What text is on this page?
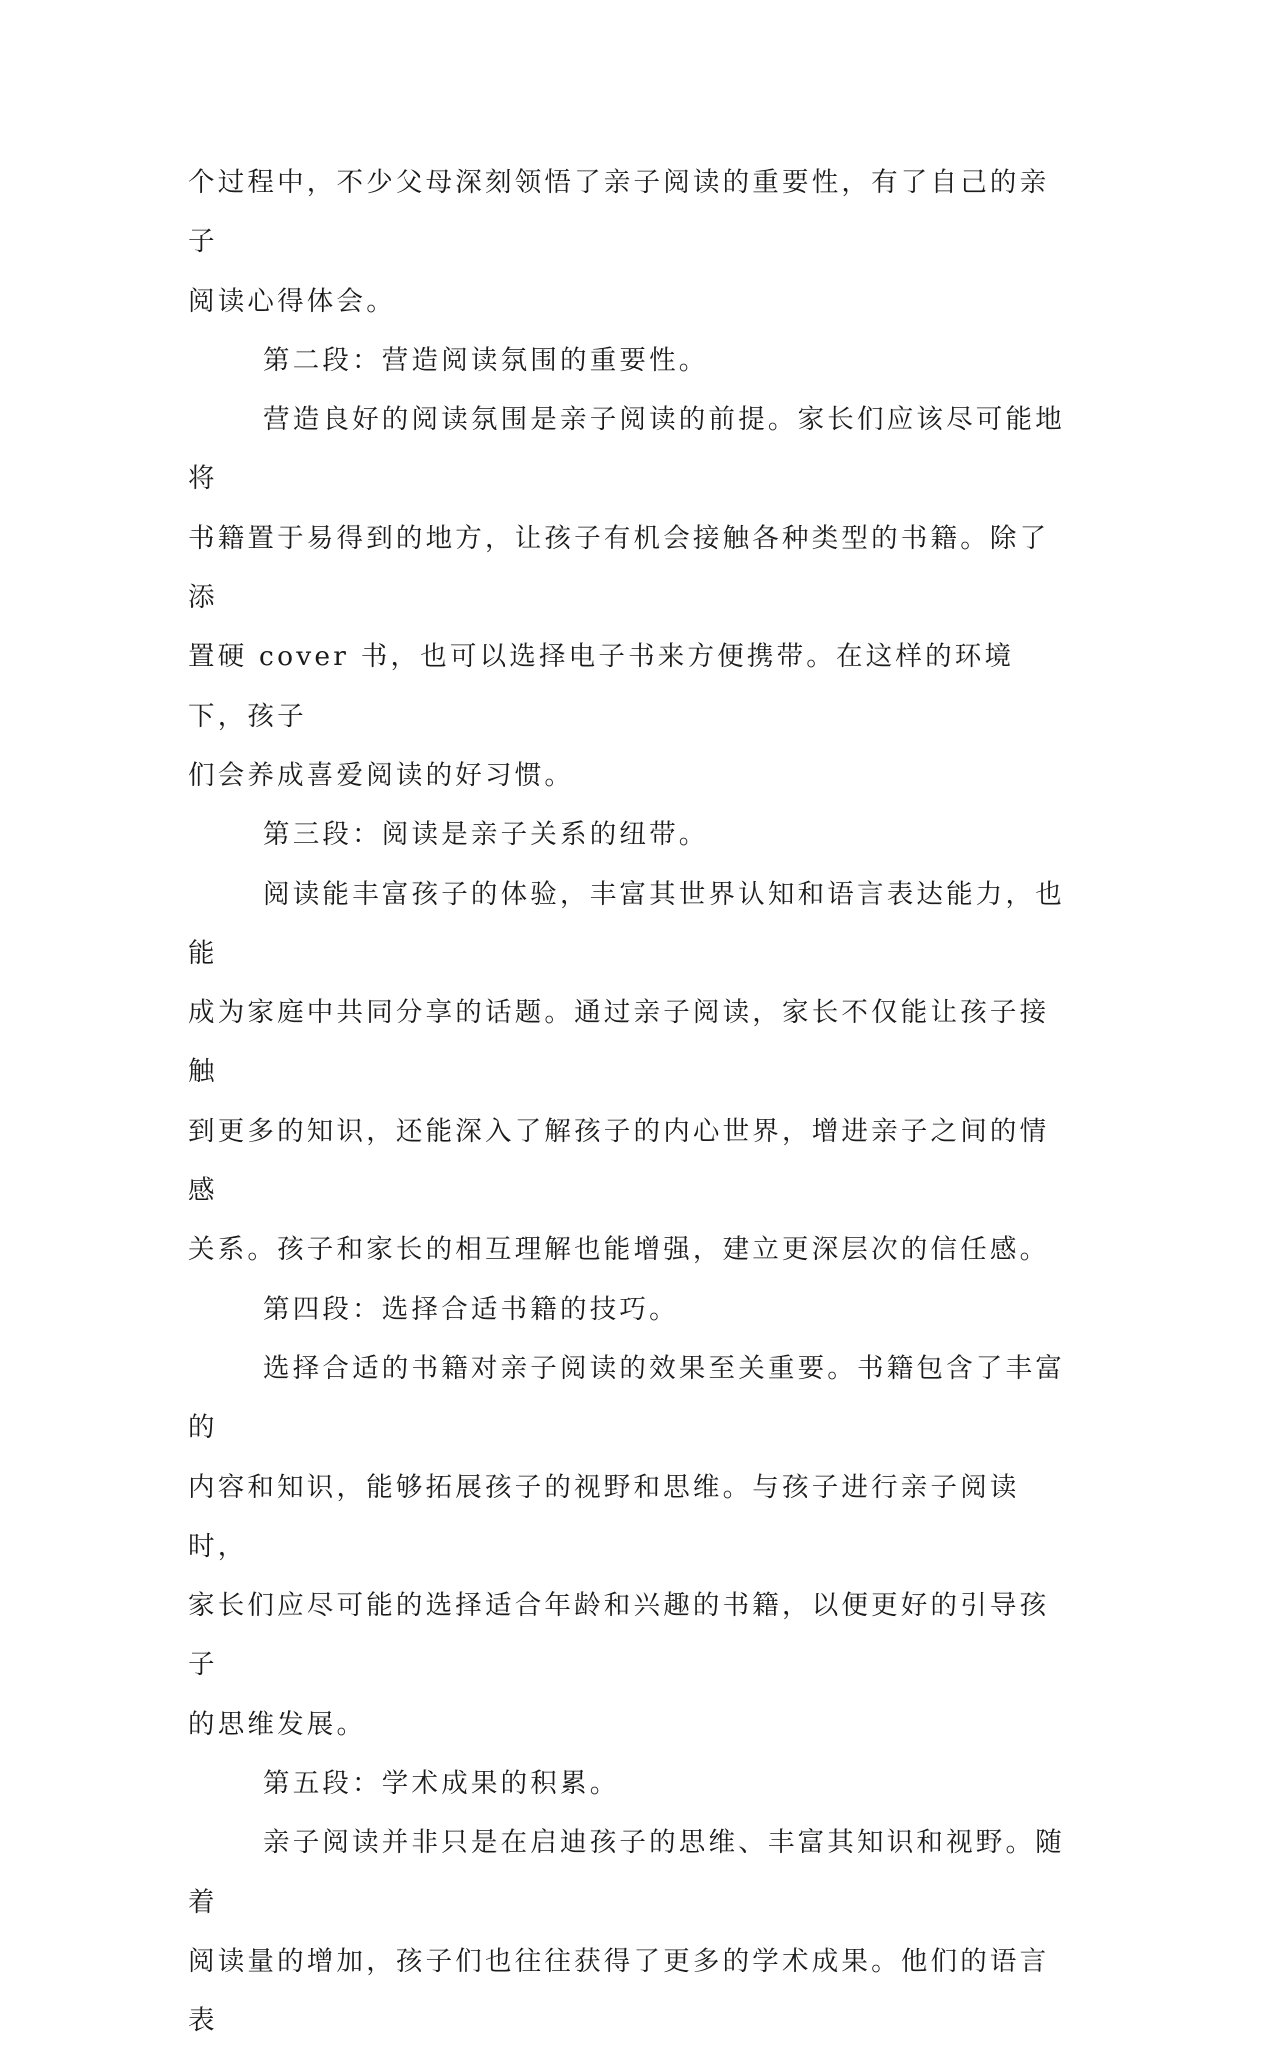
个过程中，不少父母深刻领悟了亲子阅读的重要性，有了自己的亲子
阅读心得体会。

第二段：营造阅读氛围的重要性。

营造良好的阅读氛围是亲子阅读的前提。家长们应该尽可能地将
书籍置于易得到的地方，让孩子有机会接触各种类型的书籍。除了添
置硬 cover 书，也可以选择电子书来方便携带。在这样的环境下，孩子
们会养成喜爱阅读的好习惯。

第三段：阅读是亲子关系的纽带。

阅读能丰富孩子的体验，丰富其世界认知和语言表达能力，也能
成为家庭中共同分享的话题。通过亲子阅读，家长不仅能让孩子接触
到更多的知识，还能深入了解孩子的内心世界，增进亲子之间的情感
关系。孩子和家长的相互理解也能增强，建立更深层次的信任感。

第四段：选择合适书籍的技巧。

选择合适的书籍对亲子阅读的效果至关重要。书籍包含了丰富的
内容和知识，能够拓展孩子的视野和思维。与孩子进行亲子阅读时，
家长们应尽可能的选择适合年龄和兴趣的书籍，以便更好的引导孩子
的思维发展。

第五段：学术成果的积累。

亲子阅读并非只是在启迪孩子的思维、丰富其知识和视野。随着
阅读量的增加，孩子们也往往获得了更多的学术成果。他们的语言表
